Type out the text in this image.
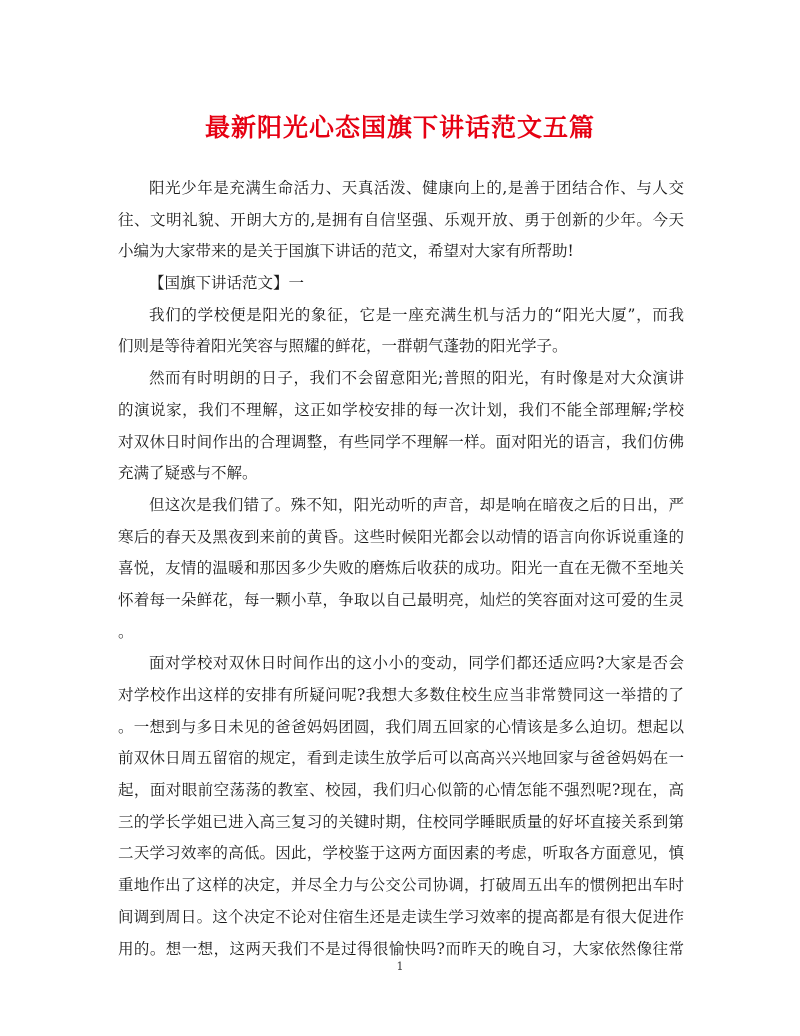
最新阳光心态国旗下讲话范文五篇
阳光少年是充满生命活力、天真活泼、健康向上的,是善于团结合作、与人交
往、文明礼貌、开朗大方的,是拥有自信坚强、乐观开放、勇于创新的少年。今天
小编为大家带来的是关于国旗下讲话的范文，希望对大家有所帮助!
【国旗下讲话范文】一
我们的学校便是阳光的象征，它是一座充满生机与活力的“阳光大厦”，而我
们则是等待着阳光笑容与照耀的鲜花，一群朝气蓬勃的阳光学子。
然而有时明朗的日子，我们不会留意阳光;普照的阳光，有时像是对大众演讲
的演说家，我们不理解，这正如学校安排的每一次计划，我们不能全部理解;学校
对双休日时间作出的合理调整，有些同学不理解一样。面对阳光的语言，我们仿佛
充满了疑惑与不解。
但这次是我们错了。殊不知，阳光动听的声音，却是响在暗夜之后的日出，严
寒后的春天及黑夜到来前的黄昏。这些时候阳光都会以动情的语言向你诉说重逢的
喜悦，友情的温暖和那因多少失败的磨炼后收获的成功。阳光一直在无微不至地关
怀着每一朵鲜花，每一颗小草，争取以自己最明亮，灿烂的笑容面对这可爱的生灵
。
面对学校对双休日时间作出的这小小的变动，同学们都还适应吗?大家是否会
对学校作出这样的安排有所疑问呢?我想大多数住校生应当非常赞同这一举措的了
。一想到与多日未见的爸爸妈妈团圆，我们周五回家的心情该是多么迫切。想起以
前双休日周五留宿的规定，看到走读生放学后可以高高兴兴地回家与爸爸妈妈在一
起，面对眼前空荡荡的教室、校园，我们归心似箭的心情怎能不强烈呢?现在，高
三的学长学姐已进入高三复习的关键时期，住校同学睡眠质量的好坏直接关系到第
二天学习效率的高低。因此，学校鉴于这两方面因素的考虑，听取各方面意见，慎
重地作出了这样的决定，并尽全力与公交公司协调，打破周五出车的惯例把出车时
间调到周日。这个决定不论对住宿生还是走读生学习效率的提高都是有很大促进作
用的。想一想，这两天我们不是过得很愉快吗?而昨天的晚自习，大家依然像往常
1
